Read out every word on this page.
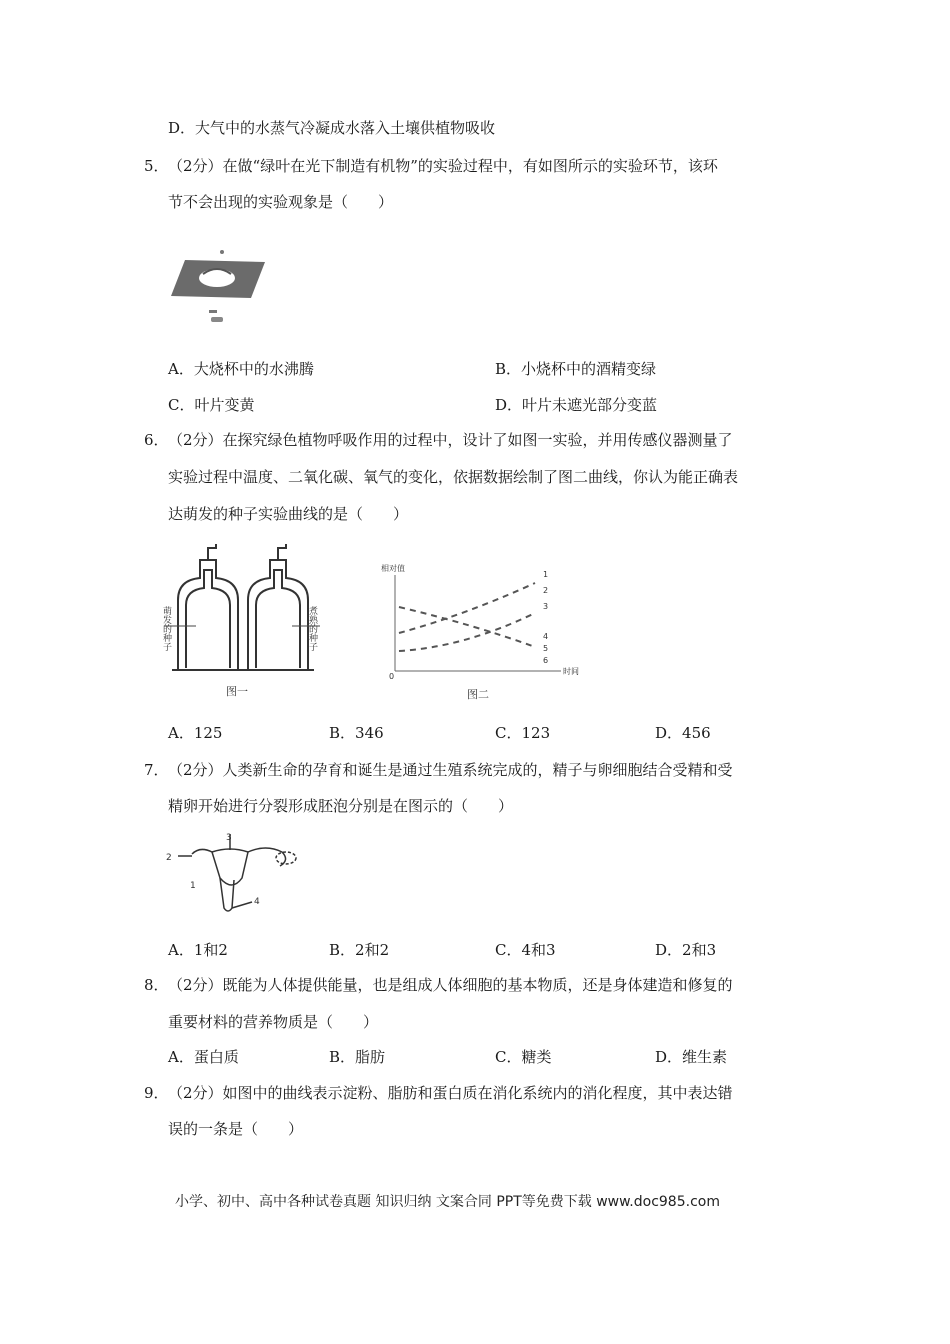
D．大气中的水蒸气冷凝成水落入土壤供植物吸收
5． （2分）在做“绿叶在光下制造有机物”的实验过程中，有如图所示的实验环节，该环
节不会出现的实验观象是（　　）
A．大烧杯中的水沸腾	B．小烧杯中的酒精变绿
C．叶片变黄	D．叶片未遮光部分变蓝
6． （2分）在探究绿色植物呼吸作用的过程中，设计了如图一实验，并用传感仪器测量了
实验过程中温度、二氧化碳、氧气的变化，依据数据绘制了图二曲线，你认为能正确表
达萌发的种子实验曲线的是（　　）
萌发的种子	煮熟的种子
图一
相对值
0
时间
1
2
3
4
5
6
图二
A．125	B．346	C．123	D．456
7． （2分）人类新生命的孕育和诞生是通过生殖系统完成的，精子与卵细胞结合受精和受
精卵开始进行分裂形成胚泡分别是在图示的（　　）
1
2
3
4
A．1和2	B．2和2	C．4和3	D．2和3
8． （2分）既能为人体提供能量，也是组成人体细胞的基本物质，还是身体建造和修复的
重要材料的营养物质是（　　）
A．蛋白质	B．脂肪	C．糖类	D．维生素
9． （2分）如图中的曲线表示淀粉、脂肪和蛋白质在消化系统内的消化程度，其中表达错
误的一条是（　　）
小学、初中、高中各种试卷真题 知识归纳 文案合同 PPT等免费下载 www.doc985.com
